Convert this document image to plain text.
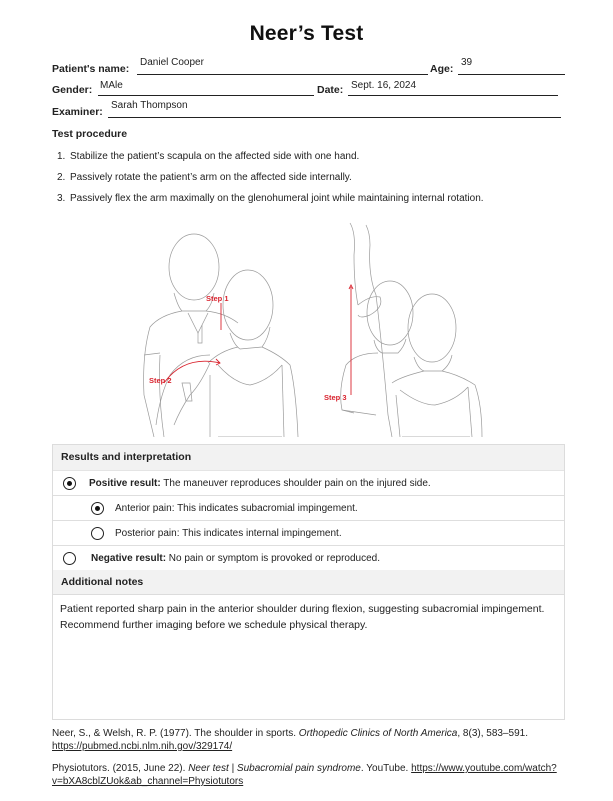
Neer’s Test
Patient's name:
Daniel Cooper
Age:
39
Gender: MAle	Date: Sept. 16, 2024
Examiner:
Sarah Thompson
Test procedure
1. Stabilize the patient’s scapula on the affected side with one hand.
2. Passively rotate the patient’s arm on the affected side internally.
3. Passively flex the arm maximally on the glenohumeral joint while maintaining internal rotation.
Step 1
Step 2
Step 3
Results and interpretation
Positive result: The maneuver reproduces shoulder pain on the injured side.
Anterior pain: This indicates subacromial impingement.
Posterior pain: This indicates internal impingement.
Negative result: No pain or symptom is provoked or reproduced.
Additional notes
Patient reported sharp pain in the anterior shoulder during flexion, suggesting subacromial impingement. Recommend further imaging before we schedule physical therapy.

Neer, S., & Welsh, R. P. (1977). The shoulder in sports. Orthopedic Clinics of North America, 8(3), 583–591. https://pubmed.ncbi.nlm.nih.gov/329174/

Physiotutors. (2015, June 22). Neer test | Subacromial pain syndrome. YouTube. https://www.youtube.com/watch?v=bXA8cblZUok&ab_channel=Physiotutors
